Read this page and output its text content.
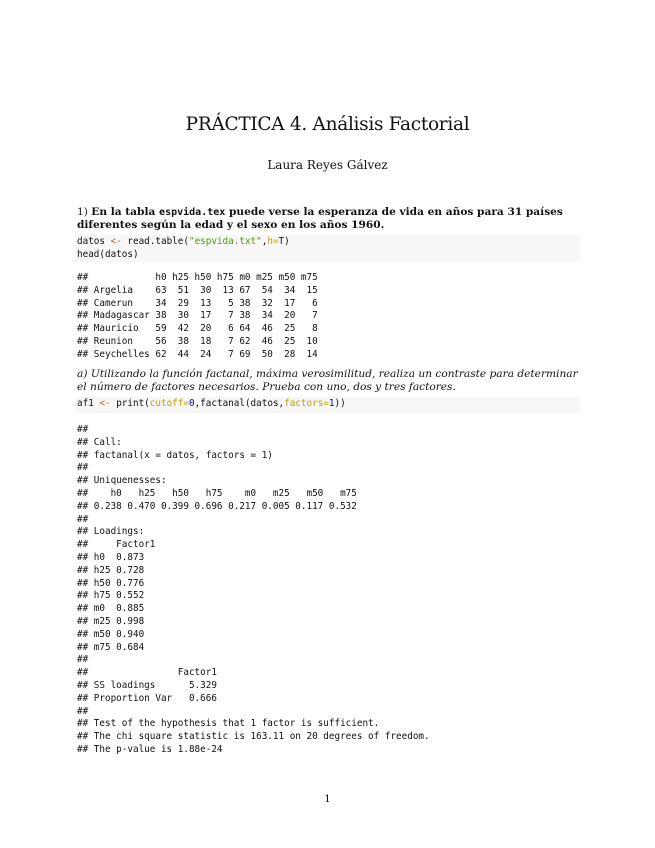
PRÁCTICA 4. Análisis Factorial
Laura Reyes Gálvez
1) En la tabla espvida.tex puede verse la esperanza de vida en años para 31 países diferentes según la edad y el sexo en los años 1960.
datos <- read.table("espvida.txt",h=T)
head(datos)
##            h0 h25 h50 h75 m0 m25 m50 m75
## Argelia    63  51  30  13 67  54  34  15
## Camerun    34  29  13   5 38  32  17   6
## Madagascar 38  30  17   7 38  34  20   7
## Mauricio   59  42  20   6 64  46  25   8
## Reunion    56  38  18   7 62  46  25  10
## Seychelles 62  44  24   7 69  50  28  14
a) Utilizando la función factanal, máxima verosimilitud, realiza un contraste para determinar el número de factores necesarios. Prueba con uno, dos y tres factores.
af1 <- print(cutoff=0,factanal(datos,factors=1))
##
## Call:
## factanal(x = datos, factors = 1)
##
## Uniquenesses:
##    h0   h25   h50   h75    m0   m25   m50   m75
## 0.238 0.470 0.399 0.696 0.217 0.005 0.117 0.532
##
## Loadings:
##     Factor1
## h0  0.873
## h25 0.728
## h50 0.776
## h75 0.552
## m0  0.885
## m25 0.998
## m50 0.940
## m75 0.684
##
##                Factor1
## SS loadings      5.329
## Proportion Var   0.666
##
## Test of the hypothesis that 1 factor is sufficient.
## The chi square statistic is 163.11 on 20 degrees of freedom.
## The p-value is 1.88e-24
1
